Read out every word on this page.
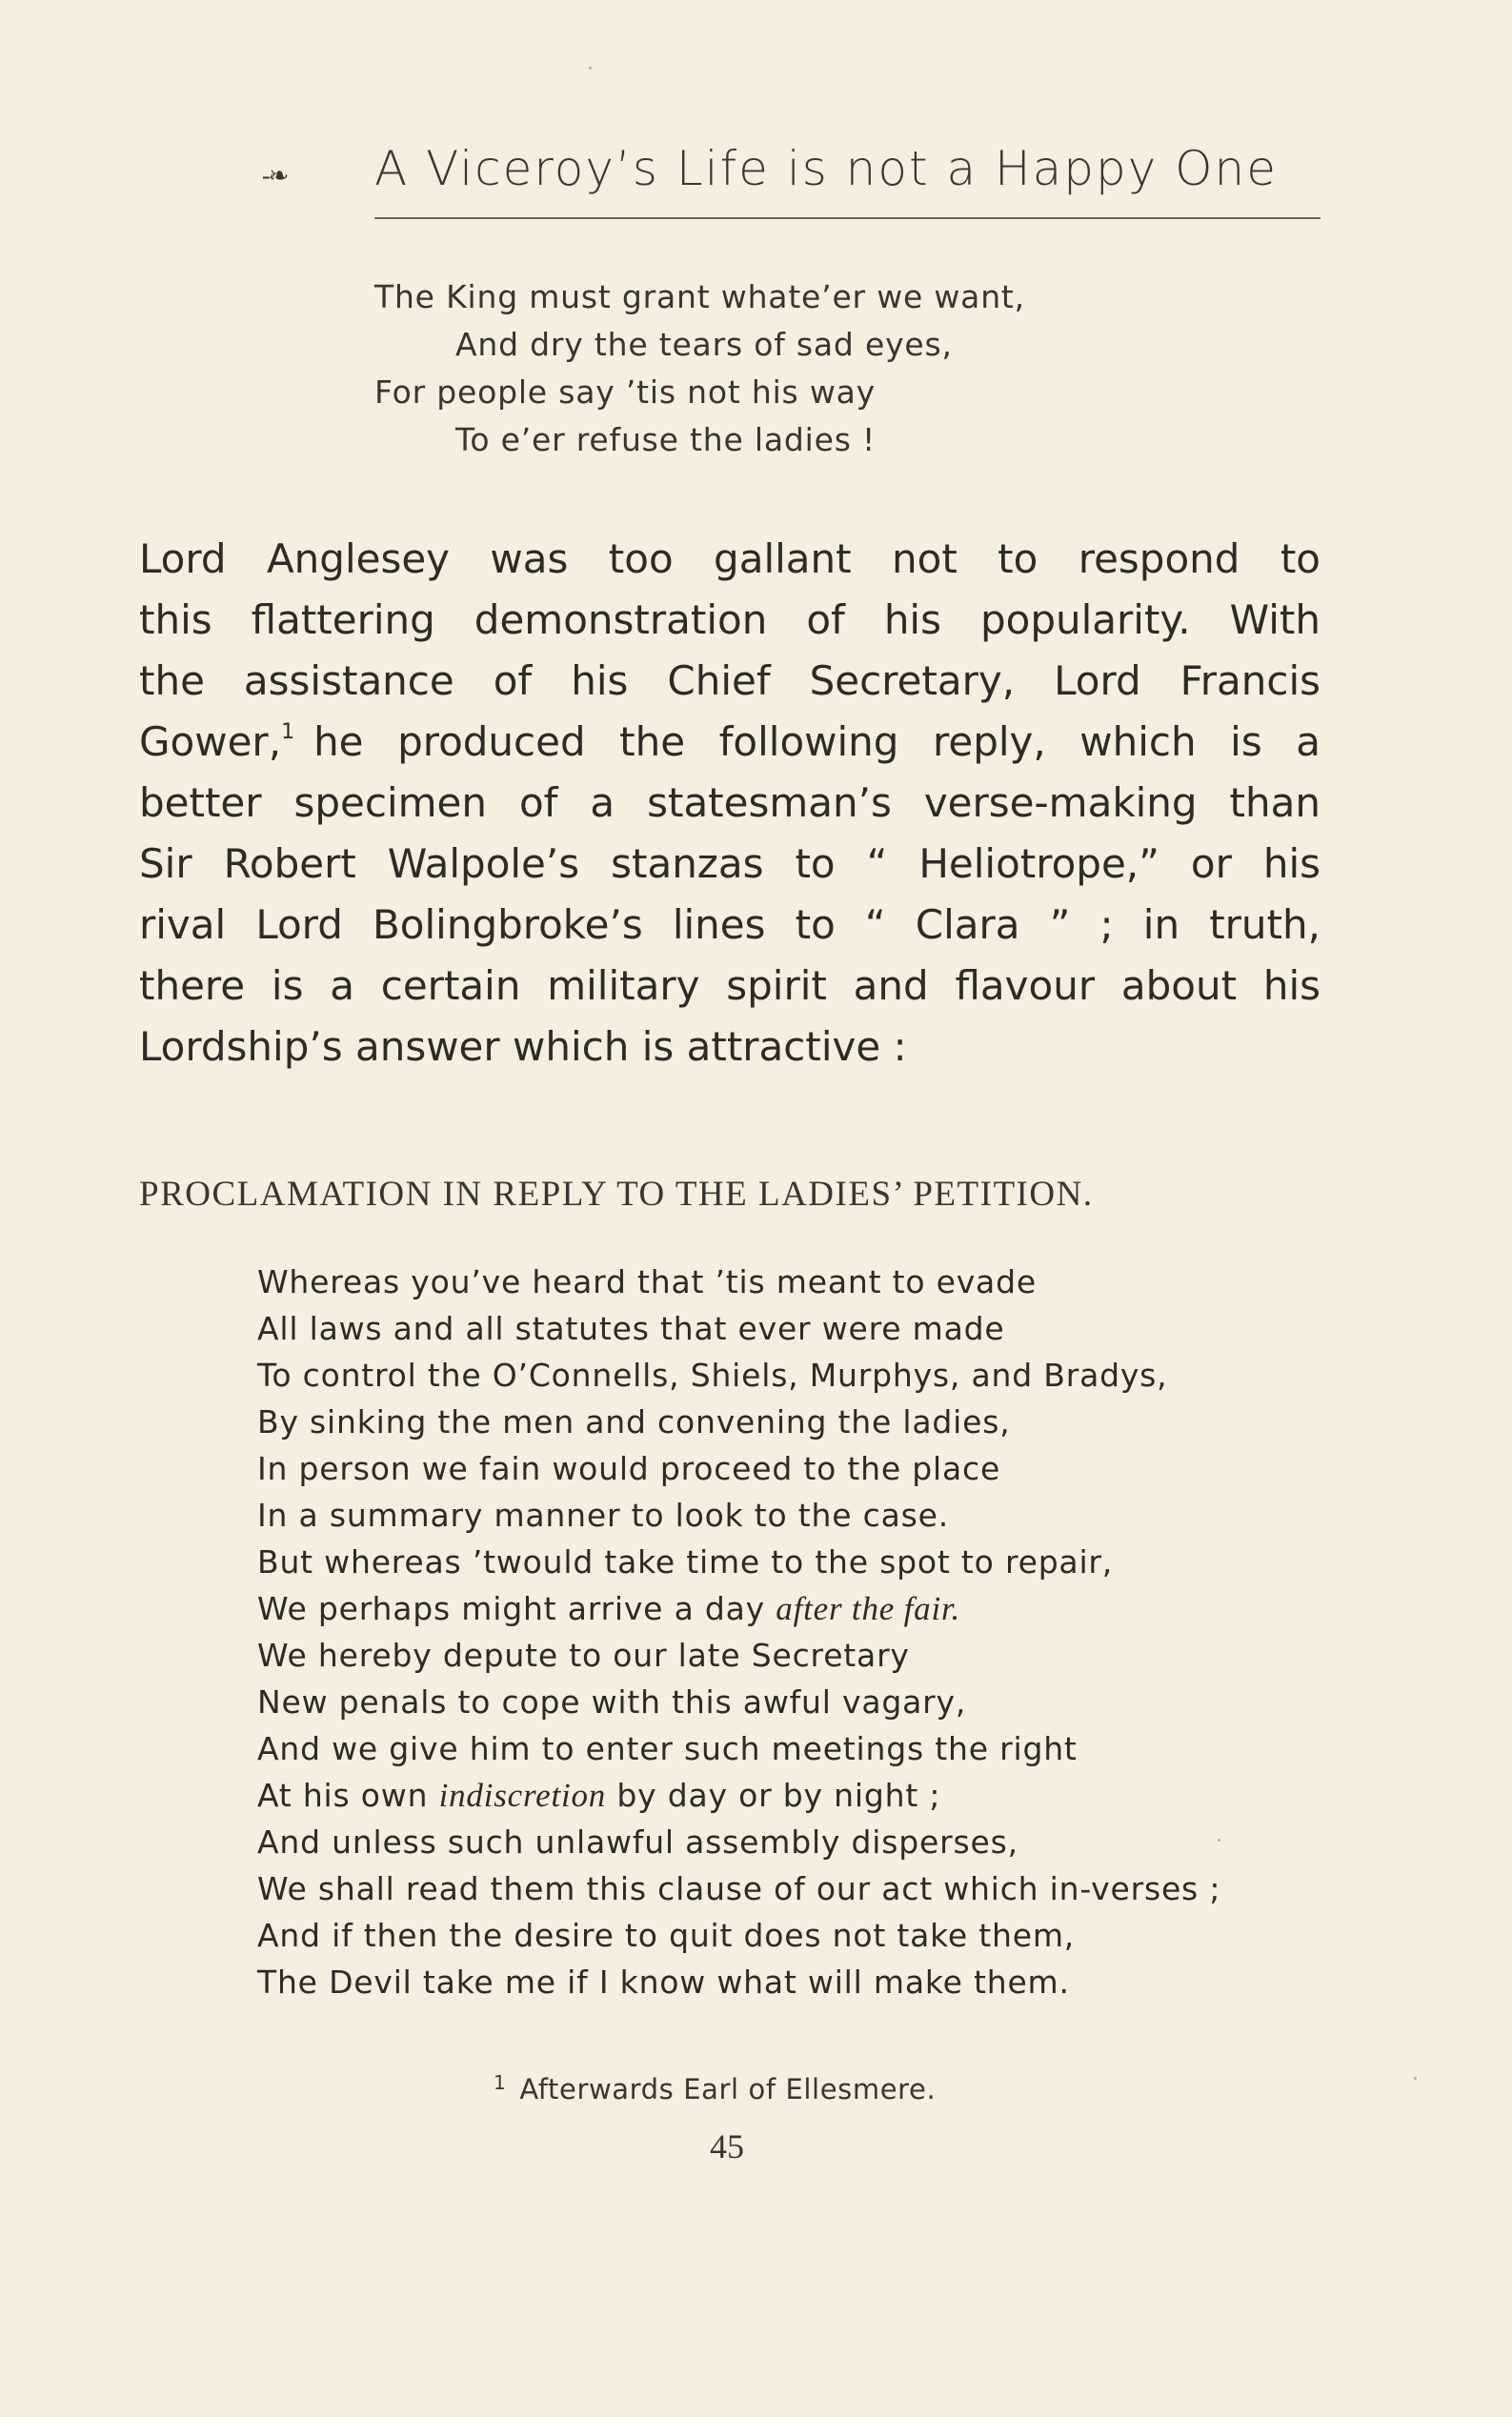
-❧ A Viceroy’s Life is not a Happy One
The King must grant whate’er we want,
And dry the tears of sad eyes,
For people say ’tis not his way
To e’er refuse the ladies !
Lord Anglesey was too gallant not to respond to
this flattering demonstration of his popularity. With
the assistance of his Chief Secretary, Lord Francis
Gower,$^1$ he produced the following reply, which is a
better specimen of a statesman’s verse-making than
Sir Robert Walpole’s stanzas to “ Heliotrope,” or his
rival Lord Bolingbroke’s lines to “ Clara ” ; in truth,
there is a certain military spirit and flavour about his
Lordship’s answer which is attractive :
PROCLAMATION IN REPLY TO THE LADIES’ PETITION.
Whereas you’ve heard that ’tis meant to evade
All laws and all statutes that ever were made
To control the O’Connells, Shiels, Murphys, and Bradys,
By sinking the men and convening the ladies,
In person we fain would proceed to the place
In a summary manner to look to the case.
But whereas ’twould take time to the spot to repair,
We perhaps might arrive a day after the fair.
We hereby depute to our late Secretary
New penals to cope with this awful vagary,
And we give him to enter such meetings the right
At his own indiscretion by day or by night ;
And unless such unlawful assembly disperses,
We shall read them this clause of our act which in-verses ;
And if then the desire to quit does not take them,
The Devil take me if I know what will make them.
$^1$ Afterwards Earl of Ellesmere.
45
